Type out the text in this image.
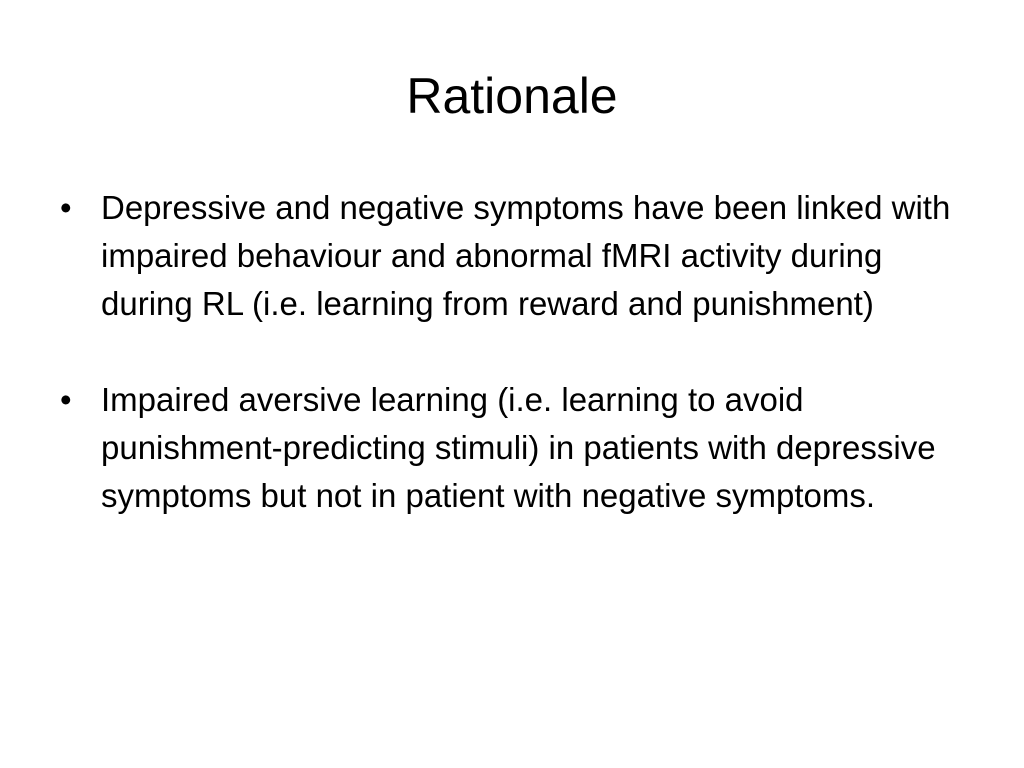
Rationale
• Depressive and negative symptoms have been linked with impaired behaviour and abnormal fMRI activity during during RL (i.e. learning from reward and punishment)
• Impaired aversive learning (i.e. learning to avoid punishment-predicting stimuli) in patients with depressive symptoms but not in patient with negative symptoms.
